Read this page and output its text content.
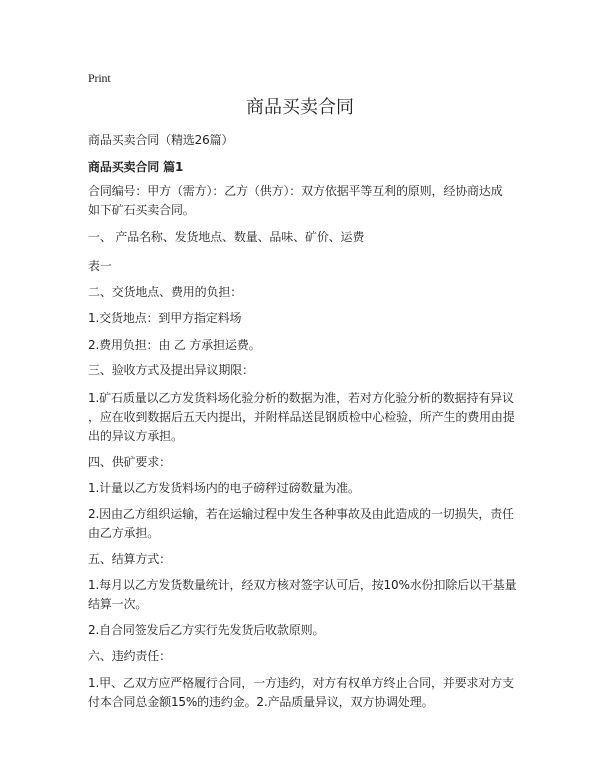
Print
商品买卖合同
商品买卖合同（精选26篇）
商品买卖合同 篇1
合同编号：甲方（需方）：乙方（供方）：双方依据平等互利的原则，经协商达成
如下矿石买卖合同。
一、 产品名称、发货地点、数量、品味、矿价、运费
表一
二、交货地点、费用的负担：
1.交货地点：到甲方指定料场
2.费用负担：由 乙 方承担运费。
三、验收方式及提出异议期限：
1.矿石质量以乙方发货料场化验分析的数据为准，若对方化验分析的数据持有异议
，应在收到数据后五天内提出，并附样品送昆钢质检中心检验，所产生的费用由提
出的异议方承担。
四、供矿要求：
1.计量以乙方发货料场内的电子磅秤过磅数量为准。
2.因由乙方组织运输，若在运输过程中发生各种事故及由此造成的一切损失，责任
由乙方承担。
五、结算方式：
1.每月以乙方发货数量统计，经双方核对签字认可后，按10%水份扣除后以干基量
结算一次。
2.自合同签发后乙方实行先发货后收款原则。
六、违约责任：
1.甲、乙双方应严格履行合同，一方违约，对方有权单方终止合同，并要求对方支
付本合同总金额15%的违约金。2.产品质量异议，双方协调处理。
